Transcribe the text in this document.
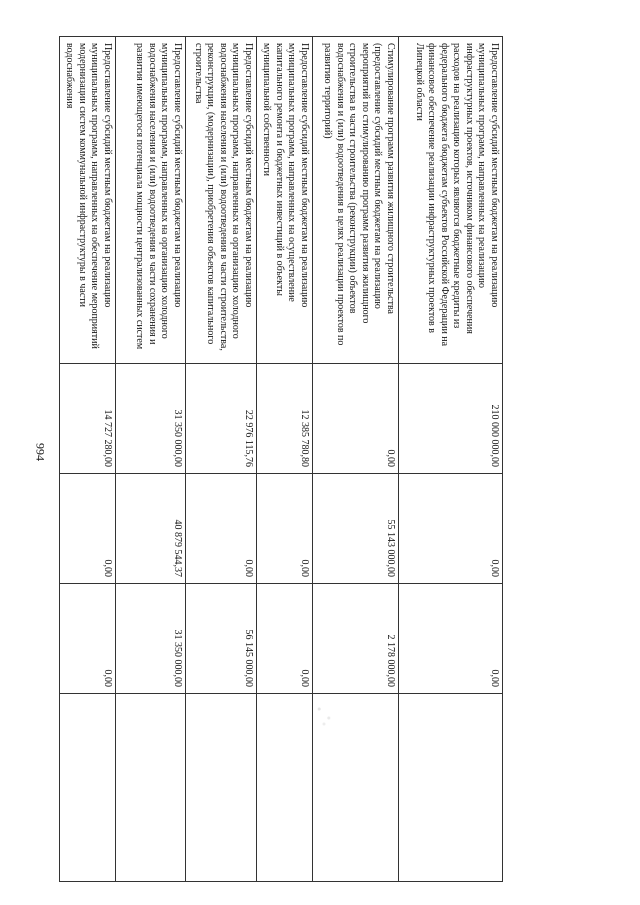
994
Предоставление субсидий местным бюджетам на реализацию муниципальных программ, направленных на реализацию инфраструктурных проектов, источником финансового обеспечения расходов на реализацию которых являются бюджетные кредиты из федерального бюджета бюджетам субъектов Российской Федерации на финансовое обеспечение реализации инфраструктурных проектов в Липецкой области	210 000 000,00	0,00	0,00	
Стимулирование программ развития жилищного строительства (предоставление субсидий местным бюджетам на реализацию мероприятий по стимулированию программ развития жилищного строительства в части строительства (реконструкции) объектов водоснабжения и (или) водоотведения в целях реализации проектов по развитию территорий)	0,00	55 143 000,00	2 178 000,00	
Предоставление субсидий местным бюджетам на реализацию муниципальных программ, направленных на осуществление капитального ремонта и бюджетных инвестиций в объекты муниципальной собственности	12 385 780,80	0,00	0,00	
Предоставление субсидий местным бюджетам на реализацию муниципальных программ, направленных на организацию холодного водоснабжения населения и (или) водоотведения в части строительства, реконструкции, (модернизации), приобретения объектов капитального строительства	22 976 115,76	0,00	56 145 000,00	
Предоставление субсидий местным бюджетам на реализацию муниципальных программ, направленных на организацию холодного водоснабжения населения и (или) водоотведения в части сохранения и развития имеющегося потенциала мощности централизованных систем	31 350 000,00	40 879 544,37	31 350 000,00	
Предоставление субсидий местным бюджетам на реализацию муниципальных программ, направленных на обеспечение мероприятий модернизации систем коммунальной инфраструктуры в части водоснабжения	14 727 280,00	0,00	0,00	
